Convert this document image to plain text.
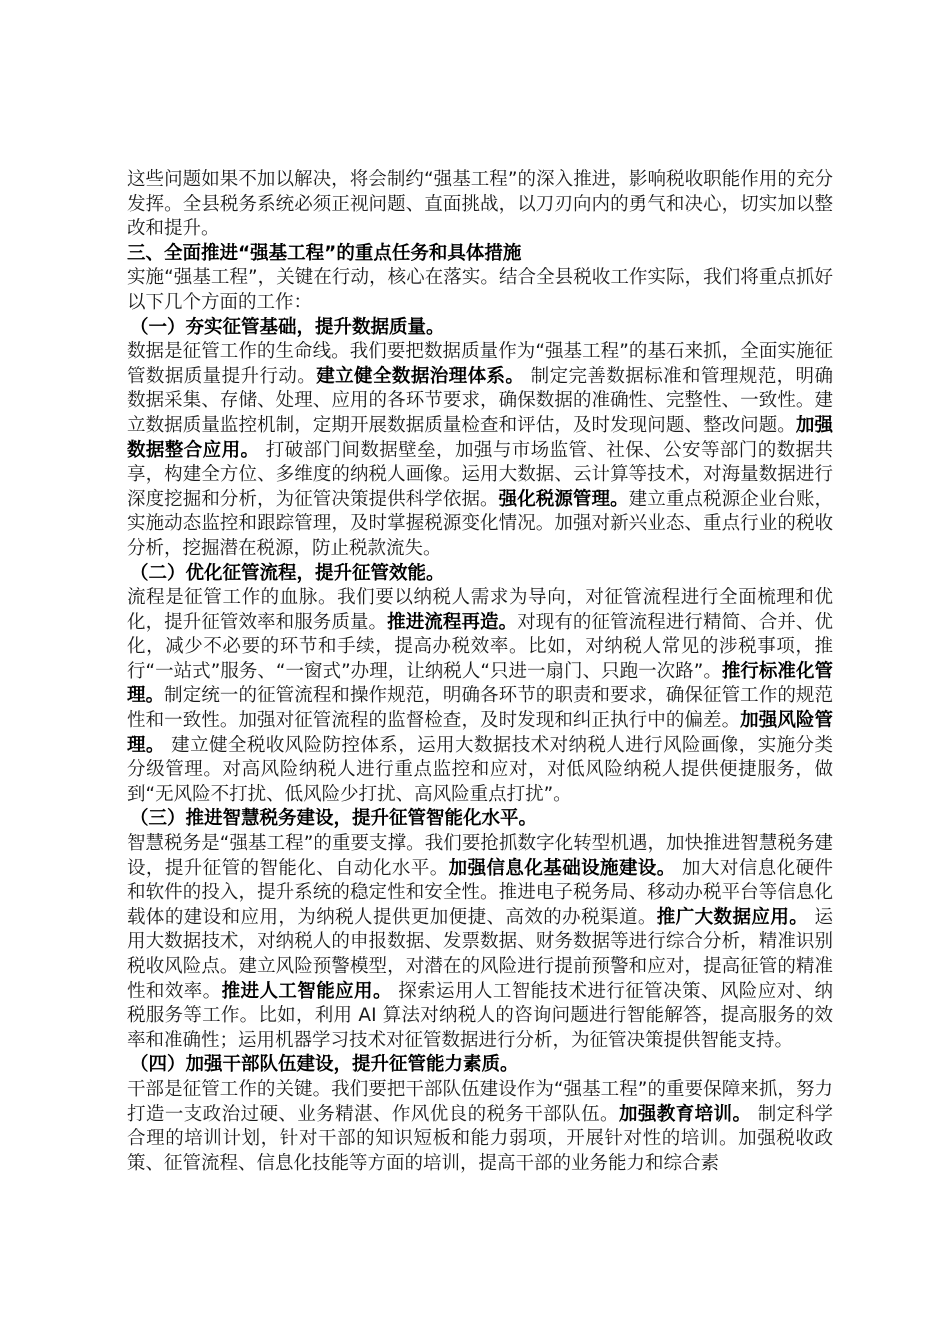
这些问题如果不加以解决，将会制约“强基工程”的深入推进，影响税收职能作用的充分发挥。全县税务系统必须正视问题、直面挑战，以刀刃向内的勇气和决心，切实加以整改和提升。

三、全面推进“强基工程”的重点任务和具体措施

实施“强基工程”，关键在行动，核心在落实。结合全县税收工作实际，我们将重点抓好以下几个方面的工作：

（一）夯实征管基础，提升数据质量。

数据是征管工作的生命线。我们要把数据质量作为“强基工程”的基石来抓，全面实施征管数据质量提升行动。建立健全数据治理体系。 制定完善数据标准和管理规范，明确数据采集、存储、处理、应用的各环节要求，确保数据的准确性、完整性、一致性。建立数据质量监控机制，定期开展数据质量检查和评估，及时发现问题、整改问题。加强数据整合应用。 打破部门间数据壁垒，加强与市场监管、社保、公安等部门的数据共享，构建全方位、多维度的纳税人画像。运用大数据、云计算等技术，对海量数据进行深度挖掘和分析，为征管决策提供科学依据。强化税源管理。建立重点税源企业台账，实施动态监控和跟踪管理，及时掌握税源变化情况。加强对新兴业态、重点行业的税收分析，挖掘潜在税源，防止税款流失。

（二）优化征管流程，提升征管效能。

流程是征管工作的血脉。我们要以纳税人需求为导向，对征管流程进行全面梳理和优化，提升征管效率和服务质量。推进流程再造。对现有的征管流程进行精简、合并、优化，减少不必要的环节和手续，提高办税效率。比如，对纳税人常见的涉税事项，推行“一站式”服务、“一窗式”办理，让纳税人“只进一扇门、只跑一次路”。推行标准化管理。制定统一的征管流程和操作规范，明确各环节的职责和要求，确保征管工作的规范性和一致性。加强对征管流程的监督检查，及时发现和纠正执行中的偏差。加强风险管理。 建立健全税收风险防控体系，运用大数据技术对纳税人进行风险画像，实施分类分级管理。对高风险纳税人进行重点监控和应对，对低风险纳税人提供便捷服务，做到“无风险不打扰、低风险少打扰、高风险重点打扰”。

（三）推进智慧税务建设，提升征管智能化水平。

智慧税务是“强基工程”的重要支撑。我们要抢抓数字化转型机遇，加快推进智慧税务建设，提升征管的智能化、自动化水平。加强信息化基础设施建设。 加大对信息化硬件和软件的投入，提升系统的稳定性和安全性。推进电子税务局、移动办税平台等信息化载体的建设和应用，为纳税人提供更加便捷、高效的办税渠道。推广大数据应用。 运用大数据技术，对纳税人的申报数据、发票数据、财务数据等进行综合分析，精准识别税收风险点。建立风险预警模型，对潜在的风险进行提前预警和应对，提高征管的精准性和效率。推进人工智能应用。 探索运用人工智能技术进行征管决策、风险应对、纳税服务等工作。比如，利用 AI 算法对纳税人的咨询问题进行智能解答，提高服务的效率和准确性；运用机器学习技术对征管数据进行分析，为征管决策提供智能支持。

（四）加强干部队伍建设，提升征管能力素质。

干部是征管工作的关键。我们要把干部队伍建设作为“强基工程”的重要保障来抓，努力打造一支政治过硬、业务精湛、作风优良的税务干部队伍。加强教育培训。 制定科学合理的培训计划，针对干部的知识短板和能力弱项，开展针对性的培训。加强税收政策、征管流程、信息化技能等方面的培训，提高干部的业务能力和综合素
